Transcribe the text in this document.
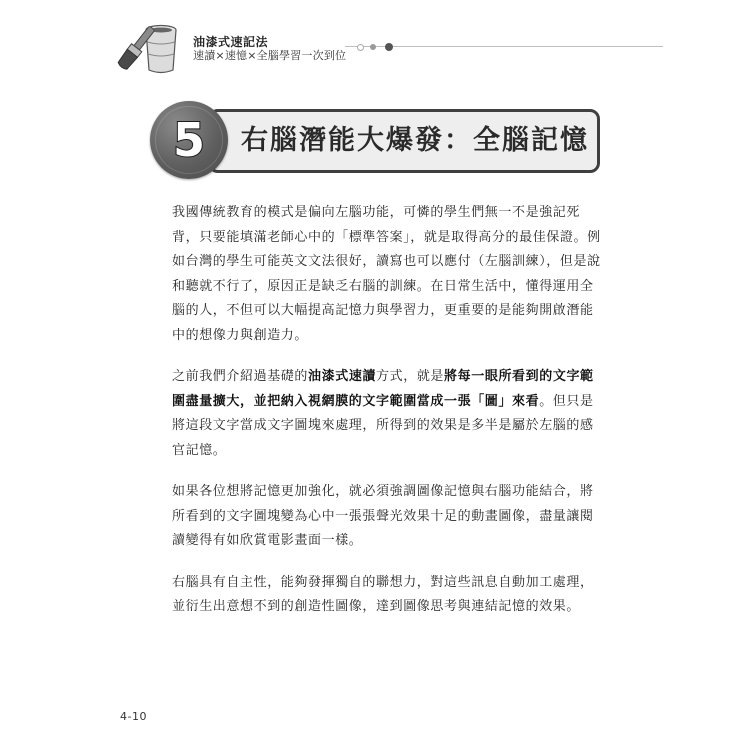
油漆式速記法
速讀×速憶×全腦學習一次到位
右腦潛能大爆發：全腦記憶
5

我國傳統教育的模式是偏向左腦功能，可憐的學生們無一不是強記死
背，只要能填滿老師心中的「標準答案」，就是取得高分的最佳保證。例
如台灣的學生可能英文文法很好，讀寫也可以應付（左腦訓練），但是說
和聽就不行了，原因正是缺乏右腦的訓練。在日常生活中，懂得運用全
腦的人，不但可以大幅提高記憶力與學習力，更重要的是能夠開啟潛能
中的想像力與創造力。

之前我們介紹過基礎的油漆式速讀方式，就是將每一眼所看到的文字範
圍盡量擴大，並把納入視網膜的文字範圍當成一張「圖」來看。但只是
將這段文字當成文字圖塊來處理，所得到的效果是多半是屬於左腦的感
官記憶。

如果各位想將記憶更加強化，就必須強調圖像記憶與右腦功能結合，將
所看到的文字圖塊變為心中一張張聲光效果十足的動畫圖像，盡量讓閱
讀變得有如欣賞電影畫面一樣。

右腦具有自主性，能夠發揮獨自的聯想力，對這些訊息自動加工處理，
並衍生出意想不到的創造性圖像，達到圖像思考與連結記憶的效果。

4-10
